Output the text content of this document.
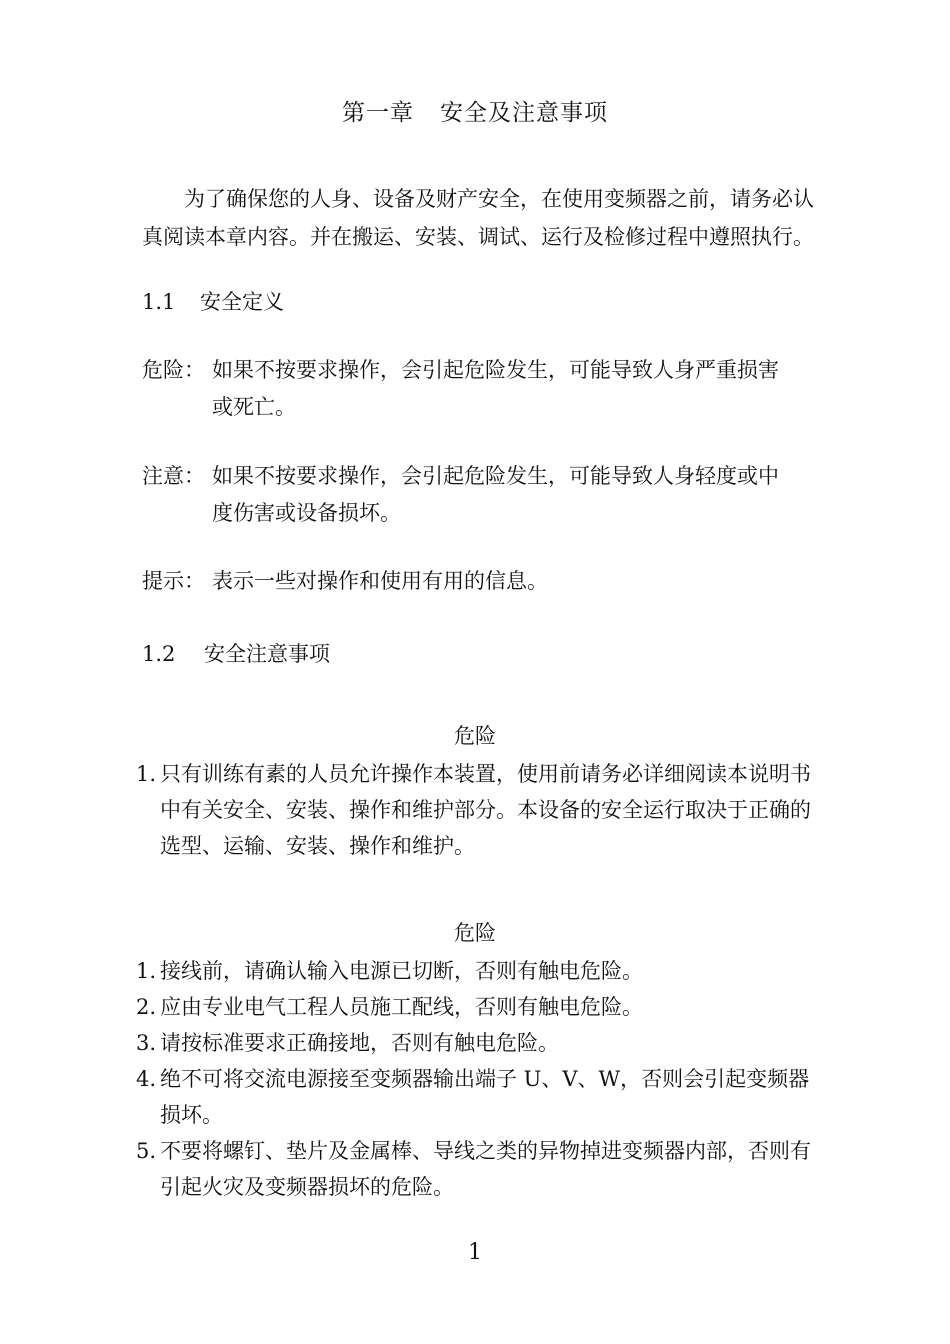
第一章 安全及注意事项

为了确保您的人身、设备及财产安全，在使用变频器之前，请务必认真阅读本章内容。并在搬运、安装、调试、运行及检修过程中遵照执行。

1.1 安全定义

危险： 如果不按要求操作，会引起危险发生，可能导致人身严重损害
或死亡。
注意： 如果不按要求操作，会引起危险发生，可能导致人身轻度或中
度伤害或设备损坏。
提示： 表示一些对操作和使用有用的信息。

1.2 安全注意事项

危险

1. 只有训练有素的人员允许操作本装置，使用前请务必详细阅读本说明书中有关安全、安装、操作和维护部分。本设备的安全运行取决于正确的选型、运输、安装、操作和维护。

危险

1. 接线前，请确认输入电源已切断，否则有触电危险。
2. 应由专业电气工程人员施工配线，否则有触电危险。
3. 请按标准要求正确接地，否则有触电危险。
4. 绝不可将交流电源接至变频器输出端子 U、V、W，否则会引起变频器损坏。
5. 不要将螺钉、垫片及金属棒、导线之类的异物掉进变频器内部，否则有引起火灾及变频器损坏的危险。
1
